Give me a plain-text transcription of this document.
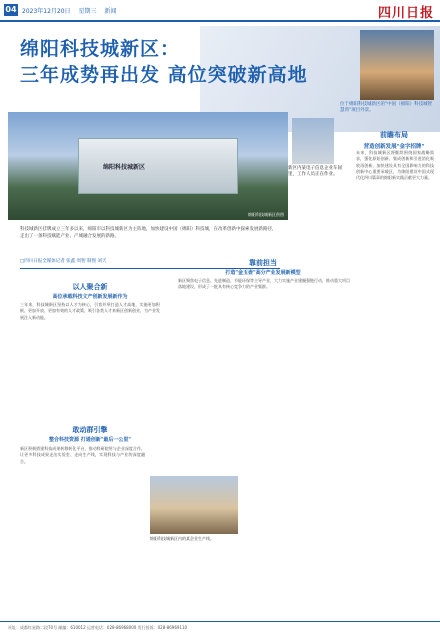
04 2023年12月20日 星期三 新闻	四川日报
绵阳科技城新区：
三年成势再出发 高位突破新高地
位于绵阳科技城新区的"中国（绵阳）科技城智慧湾"项目外景。
绵阳科技城新区
绵阳科技城新区供图
新区内某电子信息企业车间里，工作人员正在作业。
前瞻布局
营造创新发展"金字招牌"

未来，科技城新区将继续围绕国家战略需求，强化原始创新、集成创新和引进消化吸收再创新，加快建设具有全国影响力的科技创新中心重要承载区，为绵阳建设中国式现代化四川篇章的绵阳新实践贡献更大力量。

科技城新区挂牌成立三年多以来，绵阳市以科技城新区为主阵地，加快建设中国（绵阳）科技城，在改革创新中探索发展新路径，走出了一条科技赋能产业、产城融合发展的新路。
□四川日报全媒体记者 张鑫 周智 制图 刘天
以人聚合新
高位承载科技文产创新发展新作为

三年来，科技城新区坚持以人才为核心，引育并举打造人才高地，实施更加积极、更加开放、更加有效的人才政策，吸引各类人才来新区创新创业，为产业发展注入新动能。

靠前担当
打造"金玉壶"高分产业发展新模型

新区聚焦电子信息、先进制造、节能环保等主导产业，大力实施产业建圈强链行动，推动重大项目落地建设，形成了一批具有核心竞争力的产业集群。

敢动群引擎
整合科技资源 打通创新"最后一公里"

新区积极搭建科技成果转移转化平台，推动科研院所与企业深度合作，让更多科技成果走出实验室、走向生产线，实现科技与产业的深度融合。

绵阳科技城新区内的某企业生产线。
社址：成都红星路二段70号 邮编：610012 运营电话：028-86968000 发行投诉：028-86969110
